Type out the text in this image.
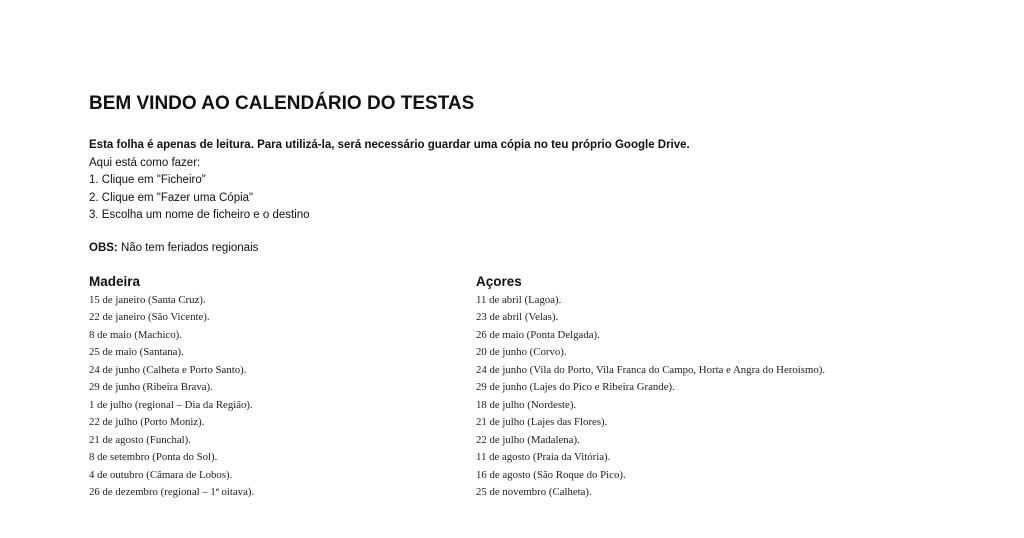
BEM VINDO AO CALENDÁRIO DO TESTAS
Esta folha é apenas de leitura. Para utilizá-la, será necessário guardar uma cópia no teu próprio Google Drive.
Aqui está como fazer:
1. Clique em "Ficheiro"
2. Clique em "Fazer uma Cópia"
3. Escolha um nome de ficheiro e o destino
OBS: Não tem feriados regionais
Madeira
15 de janeiro (Santa Cruz).
22 de janeiro (São Vicente).
8 de maio (Machico).
25 de maio (Santana).
24 de junho (Calheta e Porto Santo).
29 de junho (Ribeira Brava).
1 de julho (regional – Dia da Região).
22 de julho (Porto Moniz).
21 de agosto (Funchal).
8 de setembro (Ponta do Sol).
4 de outubro (Câmara de Lobos).
26 de dezembro (regional – 1ª oitava).
Açores
11 de abril (Lagoa).
23 de abril (Velas).
26 de maio (Ponta Delgada).
20 de junho (Corvo).
24 de junho (Vila do Porto, Vila Franca do Campo, Horta e Angra do Heroísmo).
29 de junho (Lajes do Pico e Ribeira Grande).
18 de julho (Nordeste).
21 de julho (Lajes das Flores).
22 de julho (Madalena).
11 de agosto (Praia da Vitória).
16 de agosto (São Roque do Pico).
25 de novembro (Calheta).
